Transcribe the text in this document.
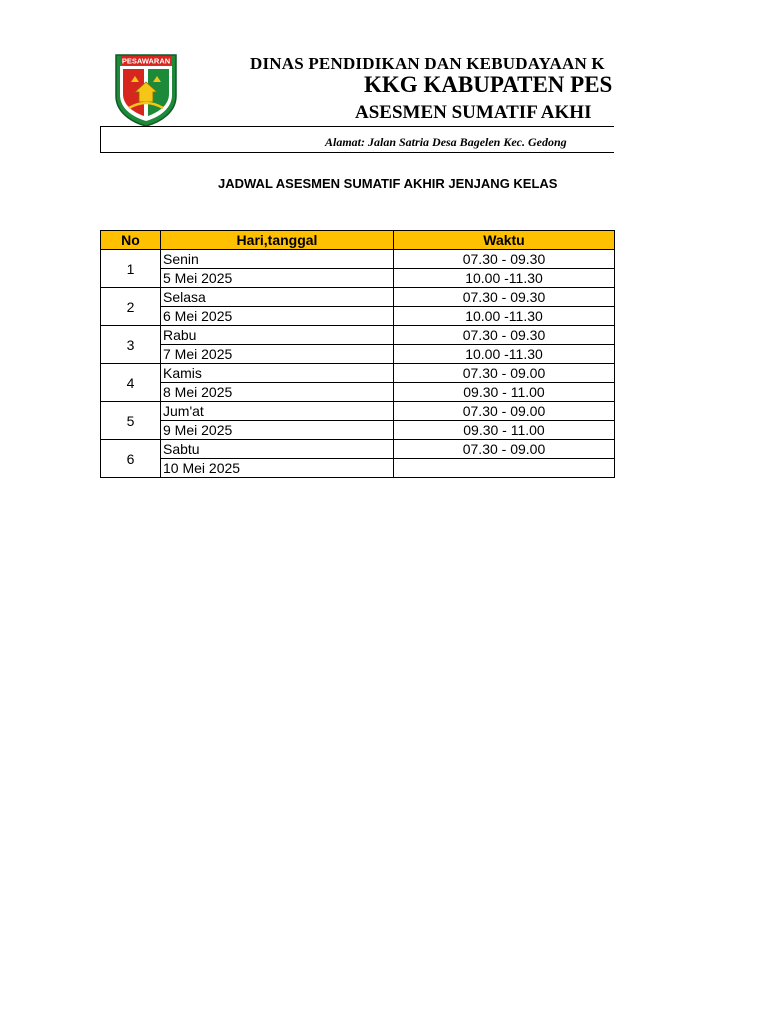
PESAWARAN	DINAS PENDIDIKAN DAN KEBUDAYAAN K
KKG KABUPATEN PES
ASESMEN SUMATIF AKHI
Alamat: Jalan Satria Desa Bagelen Kec. Gedong
JADWAL ASESMEN SUMATIF AKHIR JENJANG KELAS
No	Hari,tanggal	Waktu
1	Senin	07.30 - 09.30
	5 Mei 2025	10.00 -11.30
2	Selasa	07.30 - 09.30
	6 Mei 2025	10.00 -11.30
3	Rabu	07.30 - 09.30
	7 Mei 2025	10.00 -11.30
4	Kamis	07.30 - 09.00
	8 Mei 2025	09.30 - 11.00
5	Jum'at	07.30 - 09.00
	9 Mei 2025	09.30 - 11.00
6	Sabtu	07.30 - 09.00
	10 Mei 2025	
